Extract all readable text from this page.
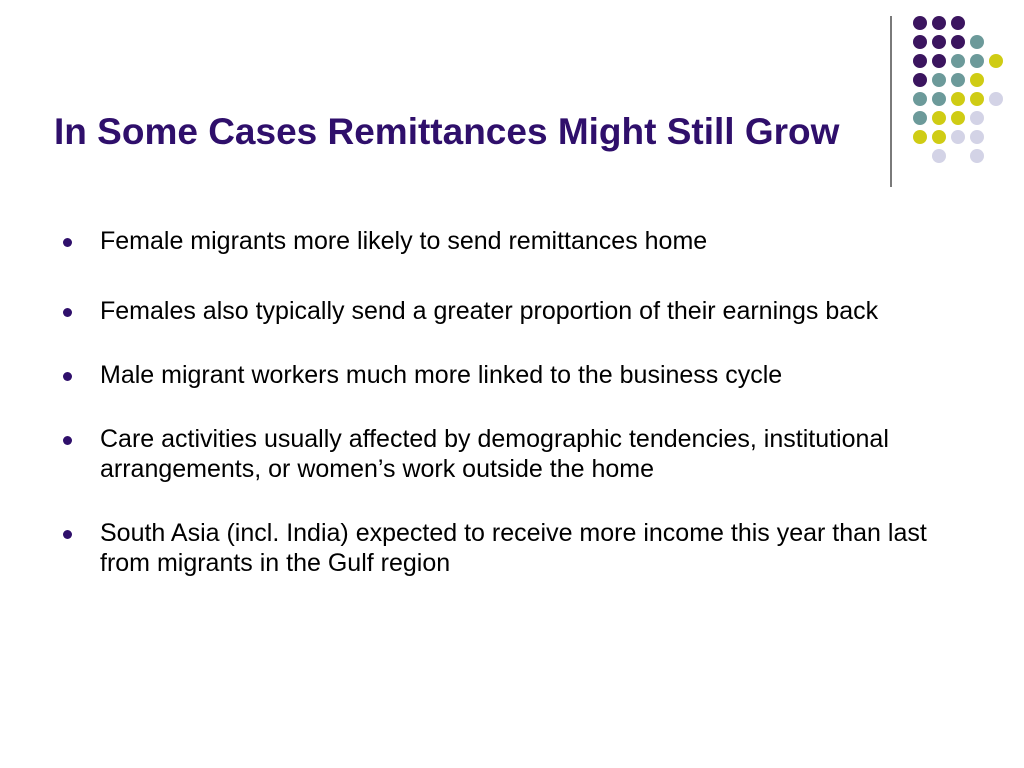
In Some Cases Remittances Might Still Grow
Female migrants more likely to send remittances home
Females also typically send a greater proportion of their earnings back
Male migrant workers much more linked to the business cycle
Care activities usually affected by demographic tendencies, institutional arrangements, or women’s work outside the home
South Asia (incl. India) expected to receive more income this year than last from migrants in the Gulf region
